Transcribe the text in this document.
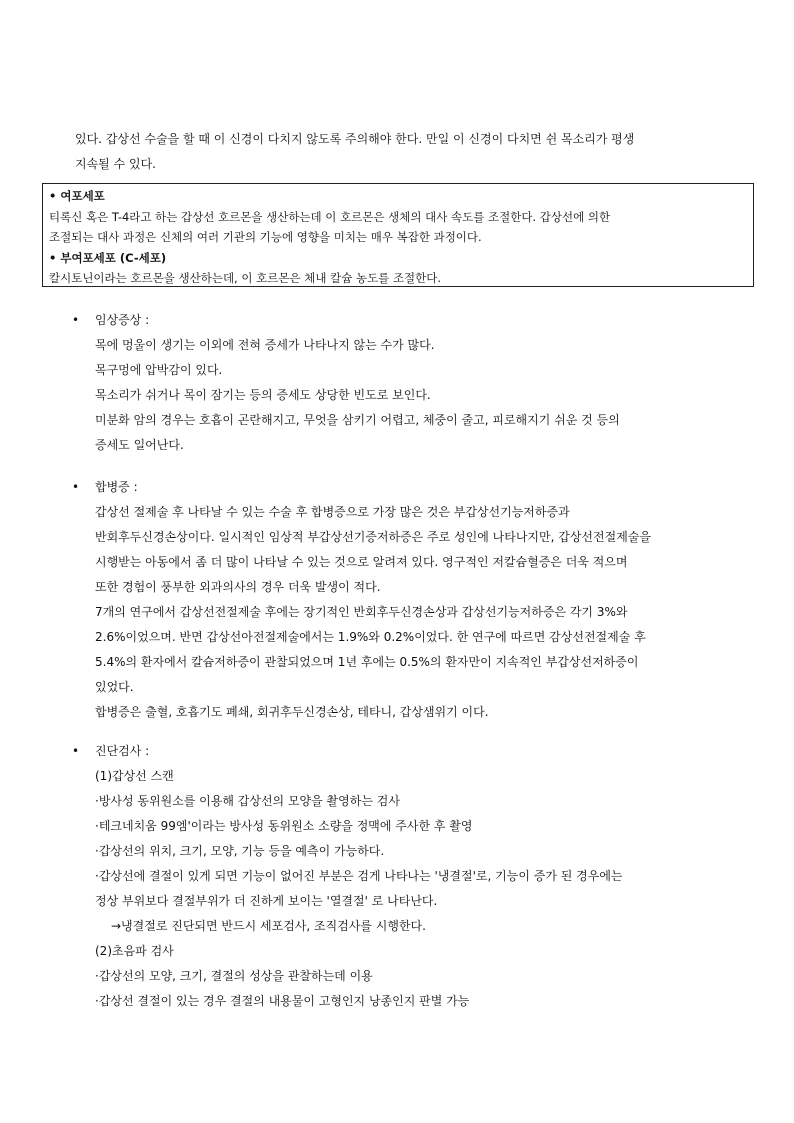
있다. 갑상선 수술을 할 때 이 신경이 다치지 않도록 주의해야 한다. 만일 이 신경이 다치면 쉰 목소리가 평생
지속될 수 있다.

• 여포세포

티록신 혹은 T-4라고 하는 갑상선 호르몬을 생산하는데 이 호르몬은 생체의 대사 속도를 조절한다. 갑상선에 의한

조절되는 대사 과정은 신체의 여러 기관의 기능에 영향을 미치는 매우 복잡한 과정이다.

• 부여포세포 (C-세포)

칼시토닌이라는 호르몬을 생산하는데, 이 호르몬은 체내 칼슘 농도를 조절한다.

• 임상증상 :

목에 멍울이 생기는 이외에 전혀 증세가 나타나지 않는 수가 많다.

목구멍에 압박감이 있다.

목소리가 쉬거나 목이 잠기는 등의 증세도 상당한 빈도로 보인다.

미분화 암의 경우는 호흡이 곤란해지고, 무엇을 삼키기 어렵고, 체중이 줄고, 피로해지기 쉬운 것 등의

증세도 일어난다.

• 합병증 :

갑상선 절제술 후 나타날 수 있는 수술 후 합병증으로 가장 많은 것은 부갑상선기능저하증과

반회후두신경손상이다. 일시적인 임상적 부갑상선기증저하증은 주로 성인에 나타나지만, 갑상선전절제술을

시행받는 아동에서 좀 더 많이 나타날 수 있는 것으로 알려져 있다. 영구적인 저칼슘혈증은 더욱 적으며

또한 경험이 풍부한 외과의사의 경우 더욱 발생이 적다.

7개의 연구에서 갑상선전절제술 후에는 장기적인 반회후두신경손상과 갑상선기능저하증은 각기 3%와

2.6%이었으며. 반면 갑상선아전절제술에서는 1.9%와 0.2%이었다. 한 연구에 따르면 감상선전절제술 후

5.4%의 환자에서 칼슘저하증이 관찰되었으며 1년 후에는 0.5%의 환자만이 지속적인 부갑상선저하증이

있었다.

합병증은 출혈, 호흡기도 폐쇄, 회귀후두신경손상, 테타니, 갑상샘위기 이다.

• 진단검사 :

(1)갑상선 스캔

·방사성 동위원소를 이용해 갑상선의 모양을 촬영하는 검사

·테크네치움 99엠'이라는 방사성 동위원소 소량을 정맥에 주사한 후 촬영

·갑상선의 위치, 크기, 모양, 기능 등을 예측이 가능하다.

·갑상선에 결절이 있게 되면 기능이 없어진 부분은 검게 나타나는 '냉결절'로, 기능이 증가 된 경우에는

정상 부위보다 결절부위가 더 진하게 보이는 '열결절' 로 나타난다.

→냉결절로 진단되면 반드시 세포검사, 조직검사를 시행한다.

(2)초음파 검사

·갑상선의 모양, 크기, 결절의 성상을 관찰하는데 이용

·갑상선 결절이 있는 경우 결절의 내용물이 고형인지 낭종인지 판별 가능
